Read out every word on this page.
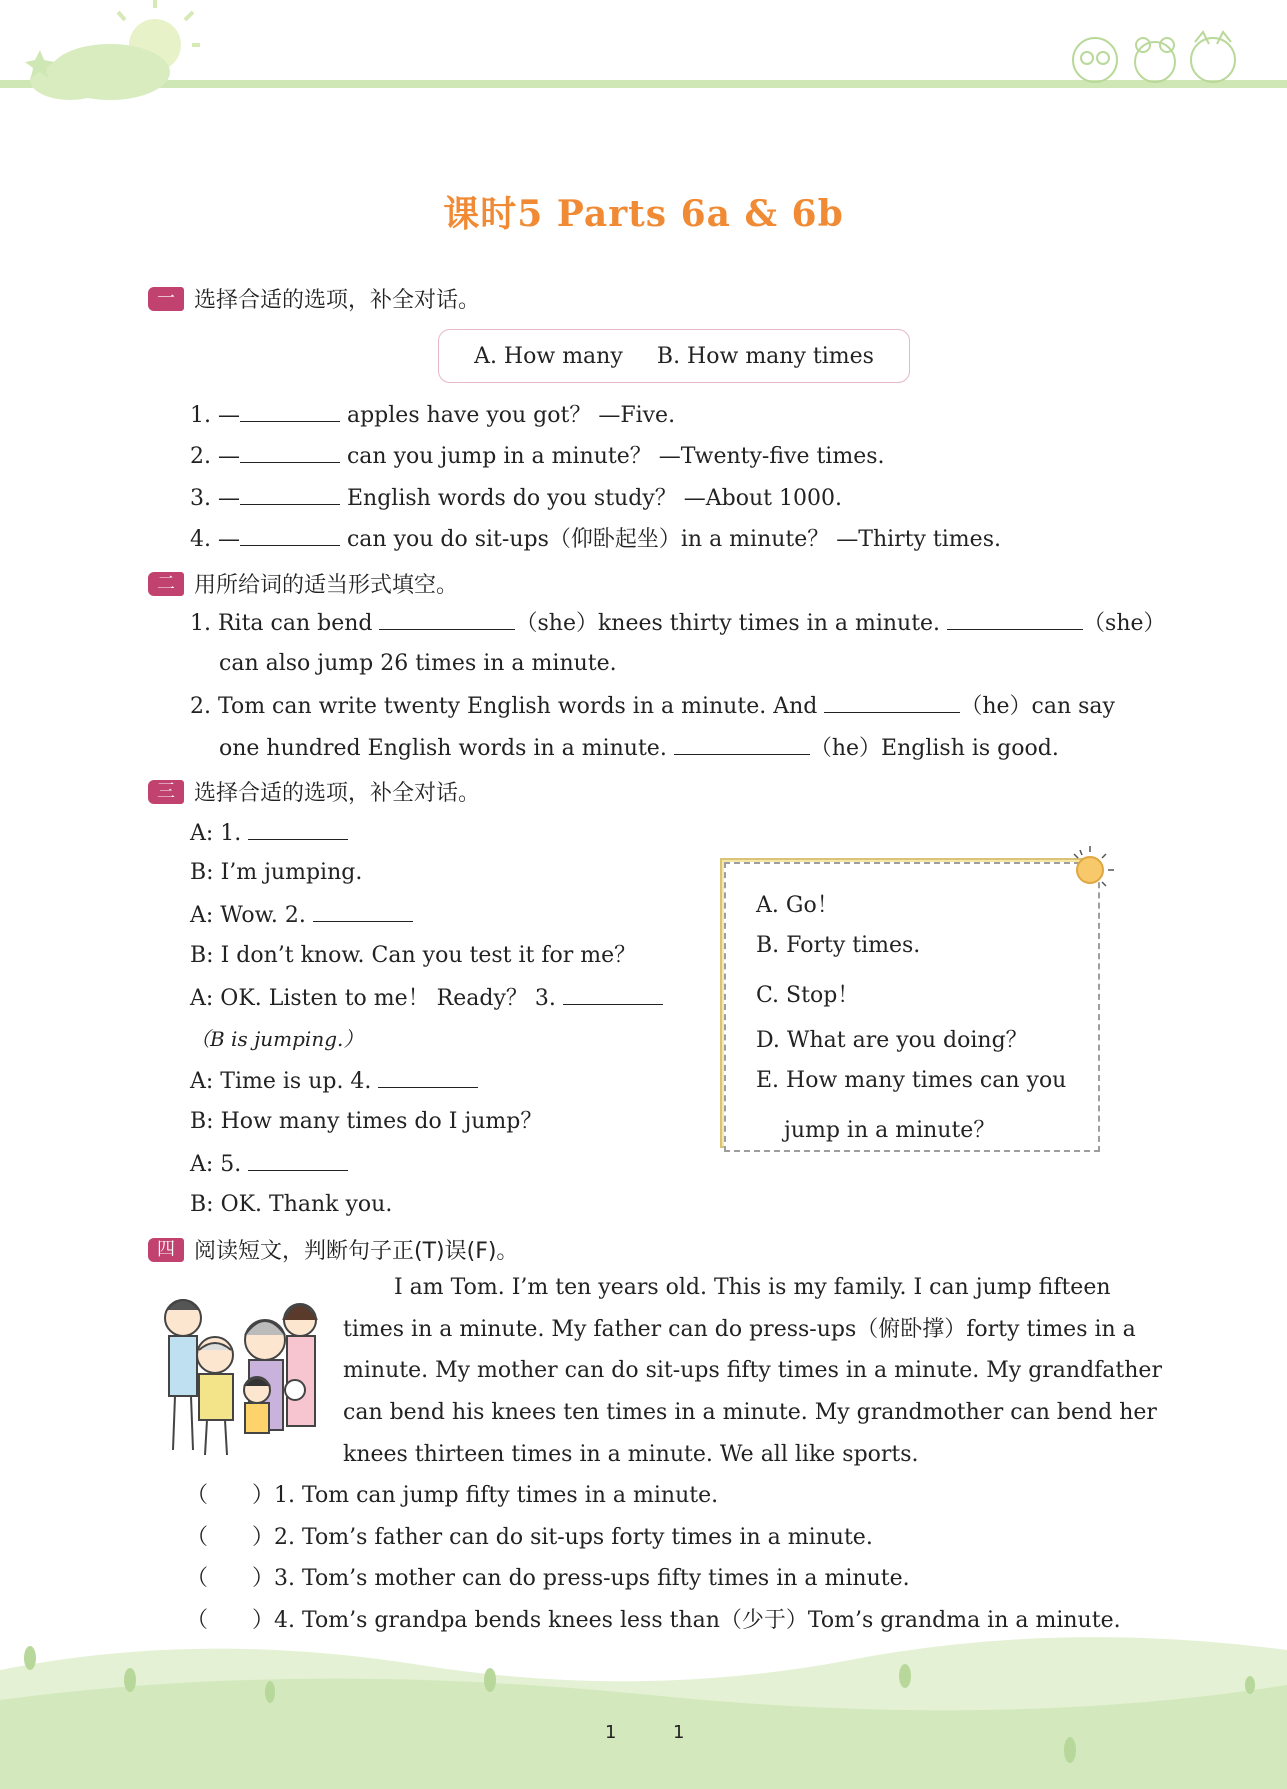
课时5 Parts 6a & 6b
一 选择合适的选项，补全对话。
A. How many B. How many times
1. —	apples have you got？ —Five.
2. —	can you jump in a minute？ —Twenty-five times.
3. —	English words do you study？ —About 1000.
4. —	can you do sit-ups（仰卧起坐）in a minute？ —Thirty times.
二 用所给词的适当形式填空。
1. Rita can bend	（she）knees thirty times in a minute.	（she）
can also jump 26 times in a minute.
2. Tom can write twenty English words in a minute. And	（he）can say
one hundred English words in a minute.	（he）English is good.
三 选择合适的选项，补全对话。
A: 1.
B: I’m jumping.
A: Wow. 2.
B: I don’t know. Can you test it for me？
A: OK. Listen to me！ Ready？ 3.
（B is jumping.）
A: Time is up. 4.
B: How many times do I jump？
A: 5.
B: OK. Thank you.
A. Go！
B. Forty times.
C. Stop！
D. What are you doing？
E. How many times can you
jump in a minute？
四 阅读短文，判断句子正(T)误(F)。
I am Tom. I’m ten years old. This is my family. I can jump fifteen
times in a minute. My father can do press-ups（俯卧撑）forty times in a
minute. My mother can do sit-ups fifty times in a minute. My grandfather
can bend his knees ten times in a minute. My grandmother can bend her
knees thirteen times in a minute. We all like sports.
（ ）1. Tom can jump fifty times in a minute.
（ ）2. Tom’s father can do sit-ups forty times in a minute.
（ ）3. Tom’s mother can do press-ups fifty times in a minute.
（ ）4. Tom’s grandpa bends knees less than（少于）Tom’s grandma in a minute.
1	1
